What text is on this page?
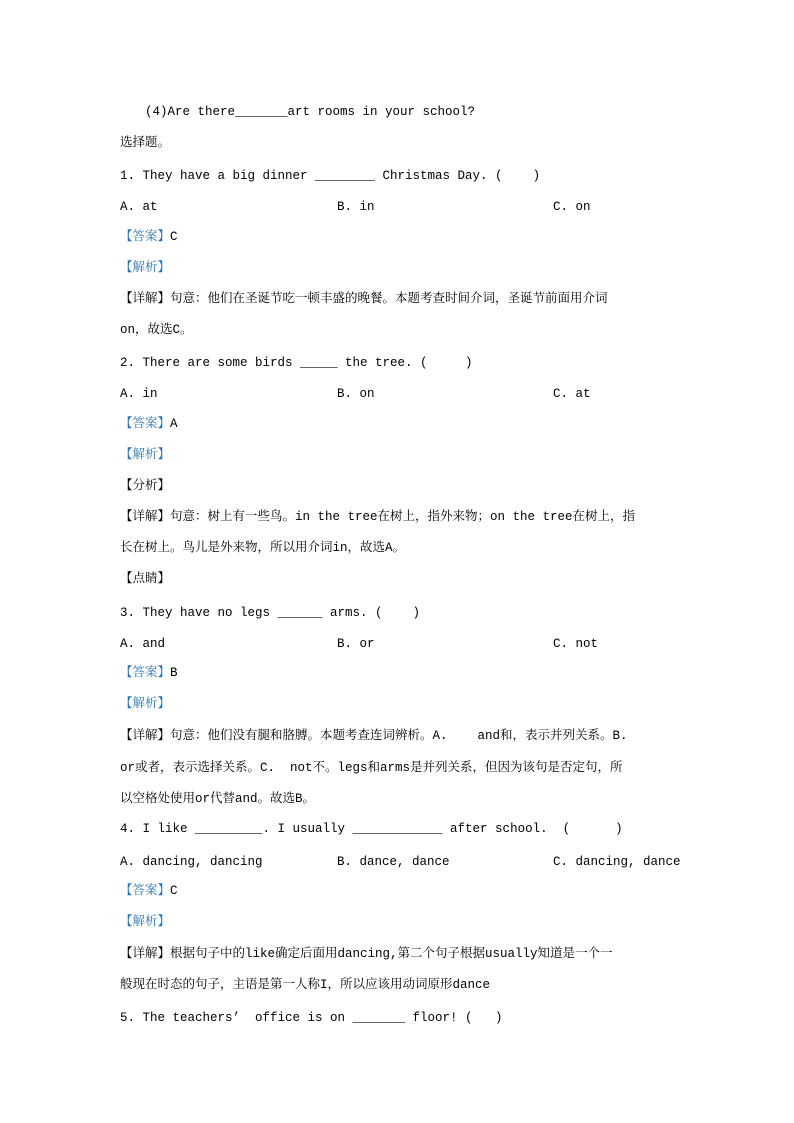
(4)Are there_______art rooms in your school?
选择题。
1. They have a big dinner ________ Christmas Day. (    )
A. at	B. in	C. on
【答案】C
【解析】
【详解】句意：他们在圣诞节吃一顿丰盛的晚餐。本题考查时间介词，圣诞节前面用介词
on，故选C。
2. There are some birds _____ the tree. (     )
A. in	B. on	C. at
【答案】A
【解析】
【分析】
【详解】句意：树上有一些鸟。in the tree在树上，指外来物；on the tree在树上，指
长在树上。鸟儿是外来物，所以用介词in，故选A。
【点睛】
3. They have no legs ______ arms. (    )
A. and	B. or	C. not
【答案】B
【解析】
【详解】句意：他们没有腿和胳膊。本题考查连词辨析。A.    and和，表示并列关系。B.
or或者，表示选择关系。C.  not不。legs和arms是并列关系，但因为该句是否定句，所
以空格处使用or代替and。故选B。
4. I like _________. I usually ____________ after school.  (      )
A. dancing, dancing	B. dance, dance	C. dancing, dance
【答案】C
【解析】
【详解】根据句子中的like确定后面用dancing,第二个句子根据usually知道是一个一
般现在时态的句子，主语是第一人称I，所以应该用动词原形dance
5. The teachers’  office is on _______ floor! (   )
